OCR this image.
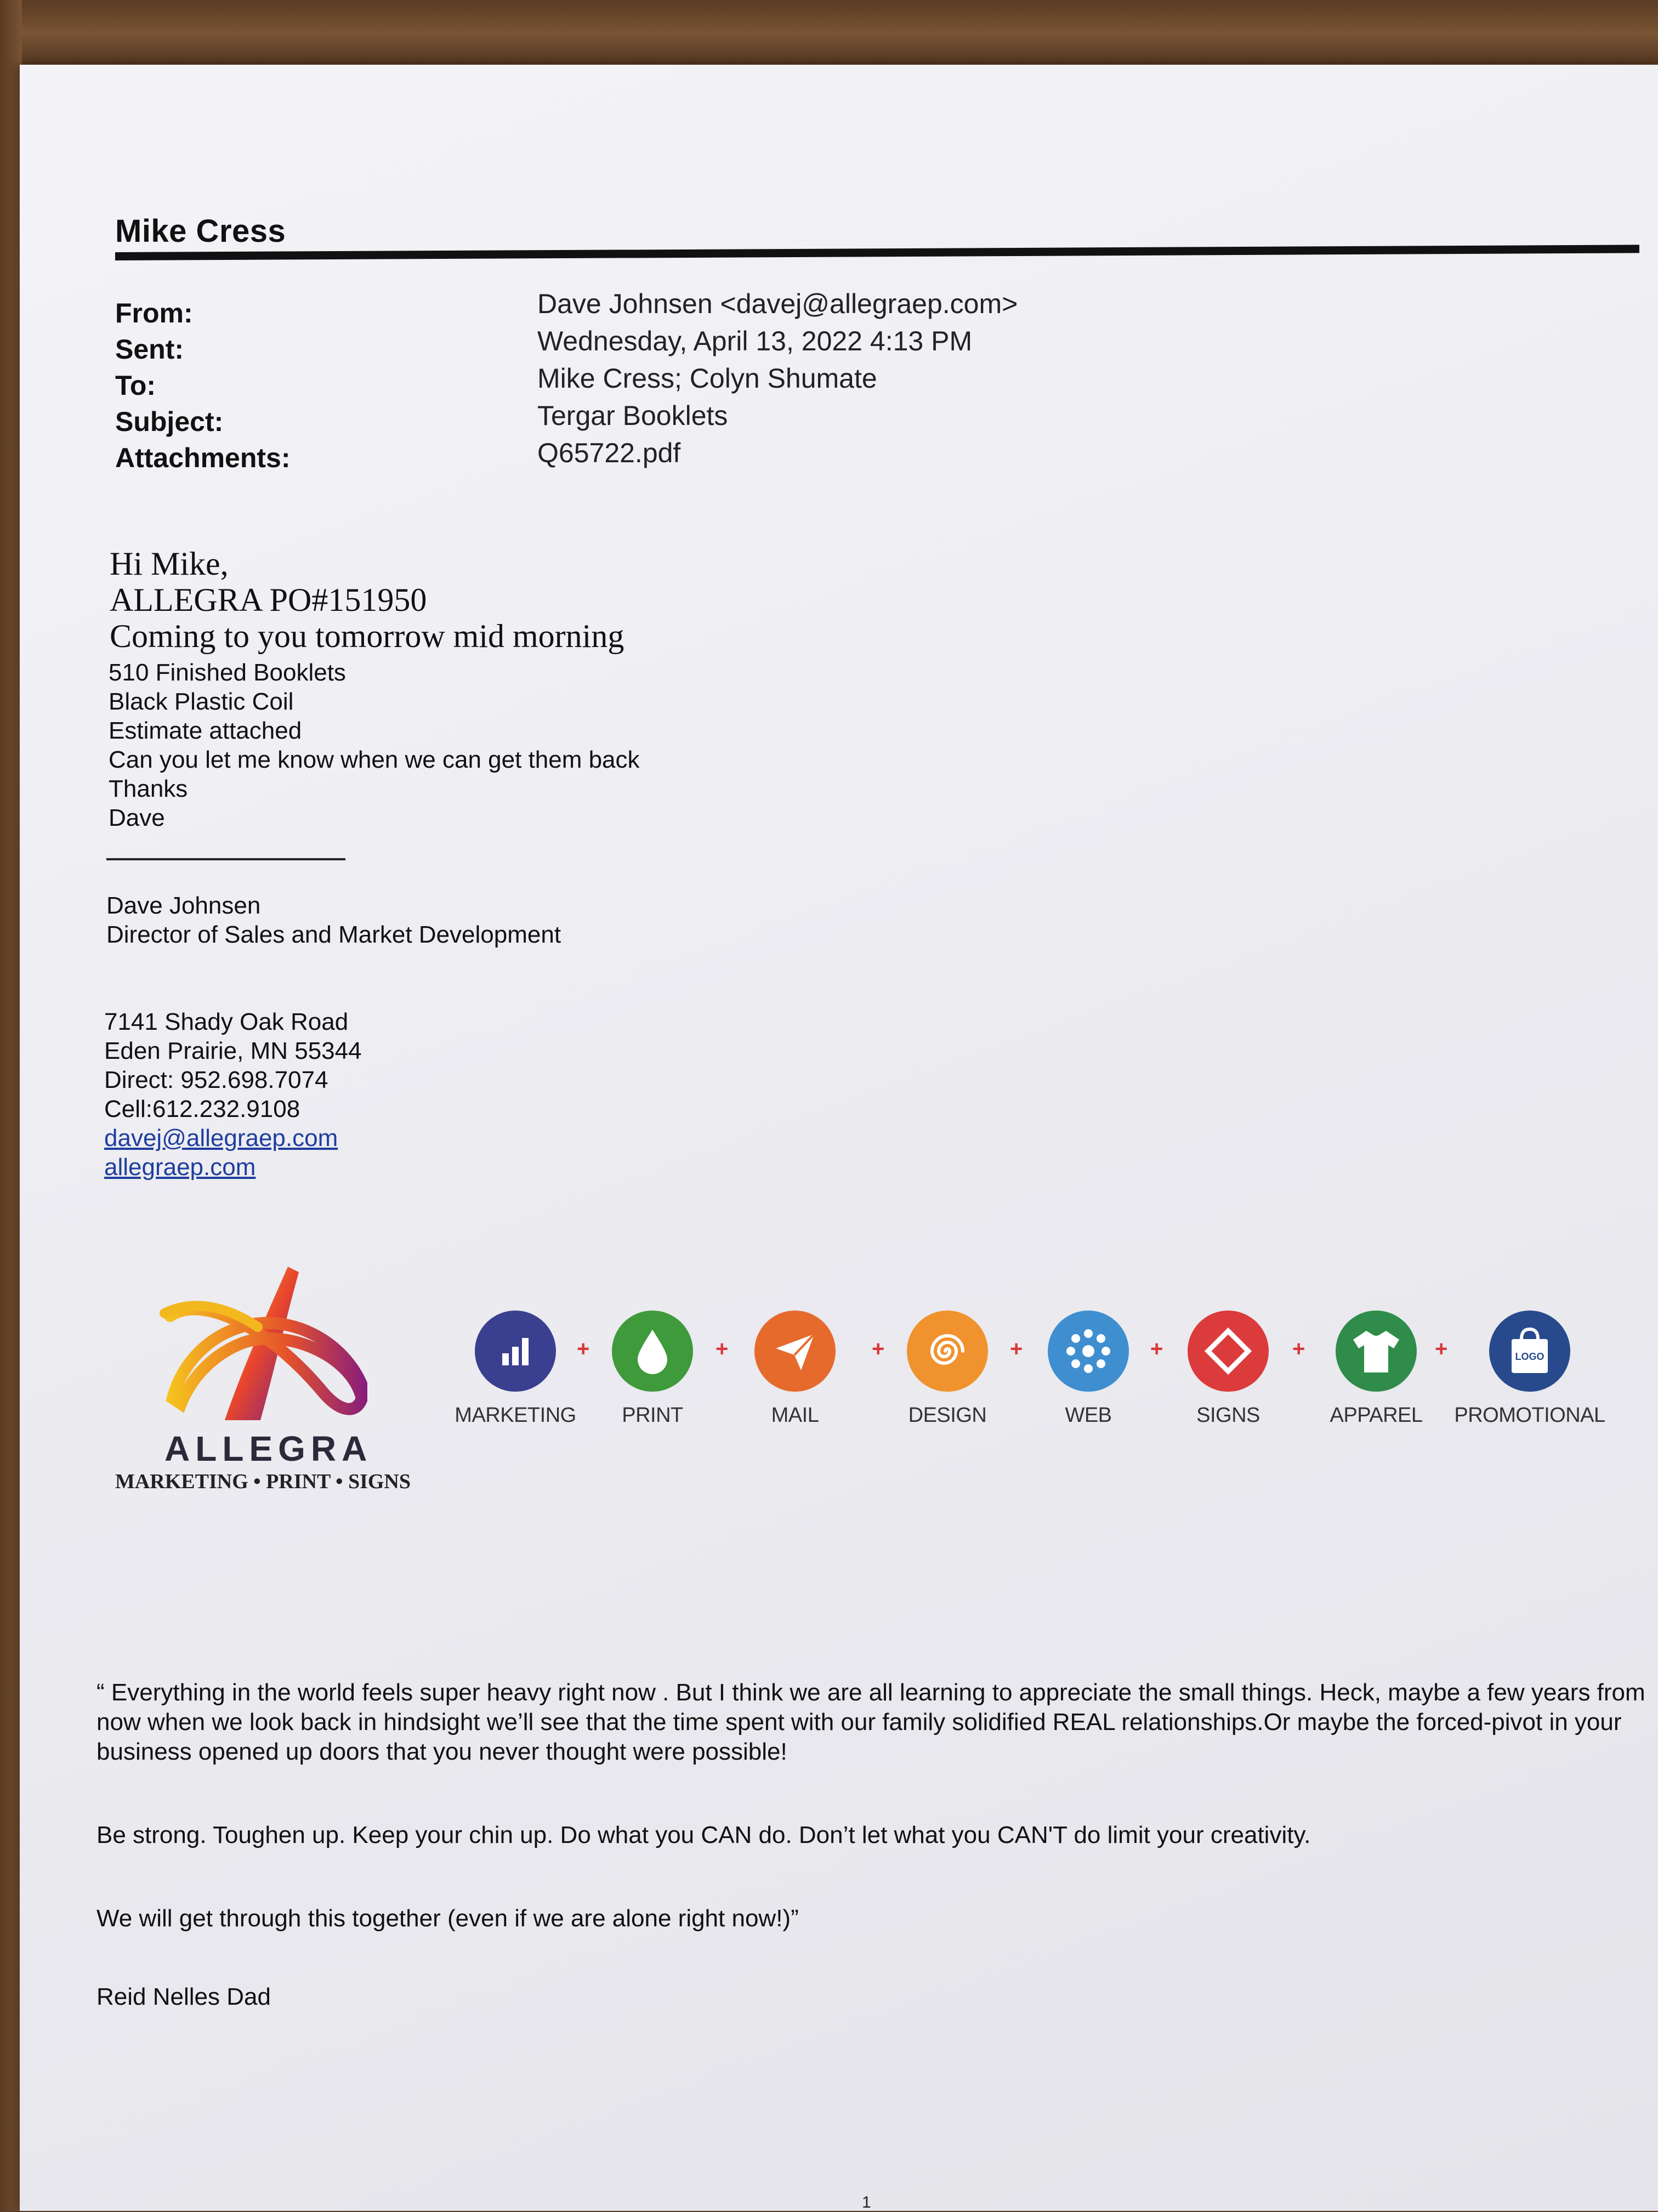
Mike Cress
From:
Sent:
To:
Subject:
Attachments:
Dave Johnsen <davej@allegraep.com>
Wednesday, April 13, 2022 4:13 PM
Mike Cress; Colyn Shumate
Tergar Booklets
Q65722.pdf
Hi Mike,
ALLEGRA PO#151950
Coming to you tomorrow mid morning
510 Finished Booklets
Black Plastic Coil
Estimate attached
Can you let me know when we can get them back
Thanks
Dave
Dave Johnsen
Director of Sales and Market Development
7141 Shady Oak Road
Eden Prairie, MN 55344
Direct: 952.698.7074
Cell:612.232.9108
davej@allegraep.com
allegraep.com
ALLEGRA
MARKETING • PRINT • SIGNS
MARKETING
+
PRINT
+
MAIL
+
DESIGN
+
WEB
+
SIGNS
+
APPAREL
+	LOGO
PROMOTIONAL

“ Everything in the world feels super heavy right now . But I think we are all learning to appreciate the small things. Heck, maybe a few years from now when we look back in hindsight we’ll see that the time spent with our family solidified REAL relationships.Or maybe the forced-pivot in your business opened up doors that you never thought were possible!

Be strong. Toughen up. Keep your chin up. Do what you CAN do. Don’t let what you CAN'T do limit your creativity.

We will get through this together (even if we are alone right now!)”

Reid Nelles Dad
1
